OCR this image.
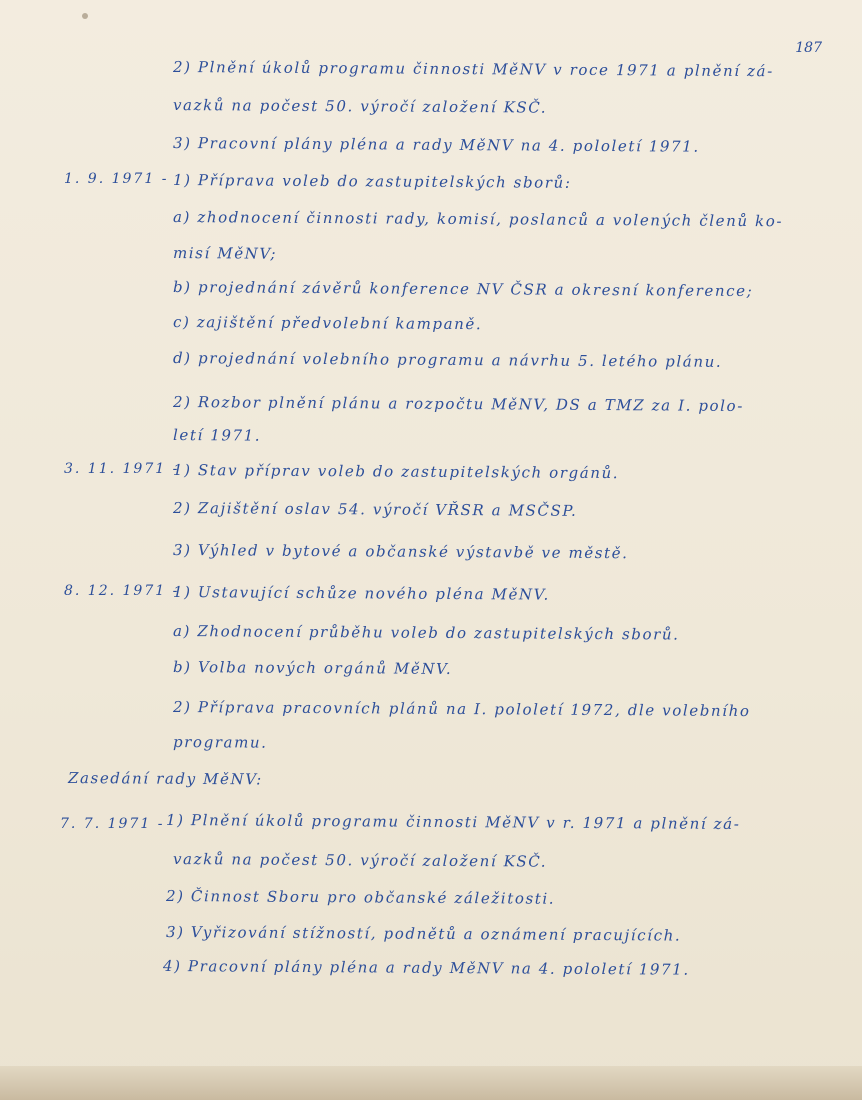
187
1. 9. 1971 -
3. 11. 1971 -
8. 12. 1971 -
7. 7. 1971 -
2) Plnění úkolů programu činnosti MěNV v roce 1971 a plnění zá-
vazků na počest 50. výročí založení KSČ.
3) Pracovní plány pléna a rady MěNV na 4. pololetí 1971.
1) Příprava voleb do zastupitelských sborů:
a) zhodnocení činnosti rady, komisí, poslanců a volených členů ko-
misí MěNV;
b) projednání závěrů konference NV ČSR a okresní konference;
c) zajištění předvolební kampaně.
d) projednání volebního programu a návrhu 5. letého plánu.
2) Rozbor plnění plánu a rozpočtu MěNV, DS a TMZ za I. polo-
letí 1971.
1) Stav příprav voleb do zastupitelských orgánů.
2) Zajištění oslav 54. výročí VŘSR a MSČSP.
3) Výhled v bytové a občanské výstavbě ve městě.
1) Ustavující schůze nového pléna MěNV.
a) Zhodnocení průběhu voleb do zastupitelských sborů.
b) Volba nových orgánů MěNV.
2) Příprava pracovních plánů na I. pololetí 1972, dle volebního
programu.
Zasedání rady MěNV:
1) Plnění úkolů programu činnosti MěNV v r. 1971 a plnění zá-
vazků na počest 50. výročí založení KSČ.
2) Činnost Sboru pro občanské záležitosti.
3) Vyřizování stížností, podnětů a oznámení pracujících.
4) Pracovní plány pléna a rady MěNV na 4. pololetí 1971.
